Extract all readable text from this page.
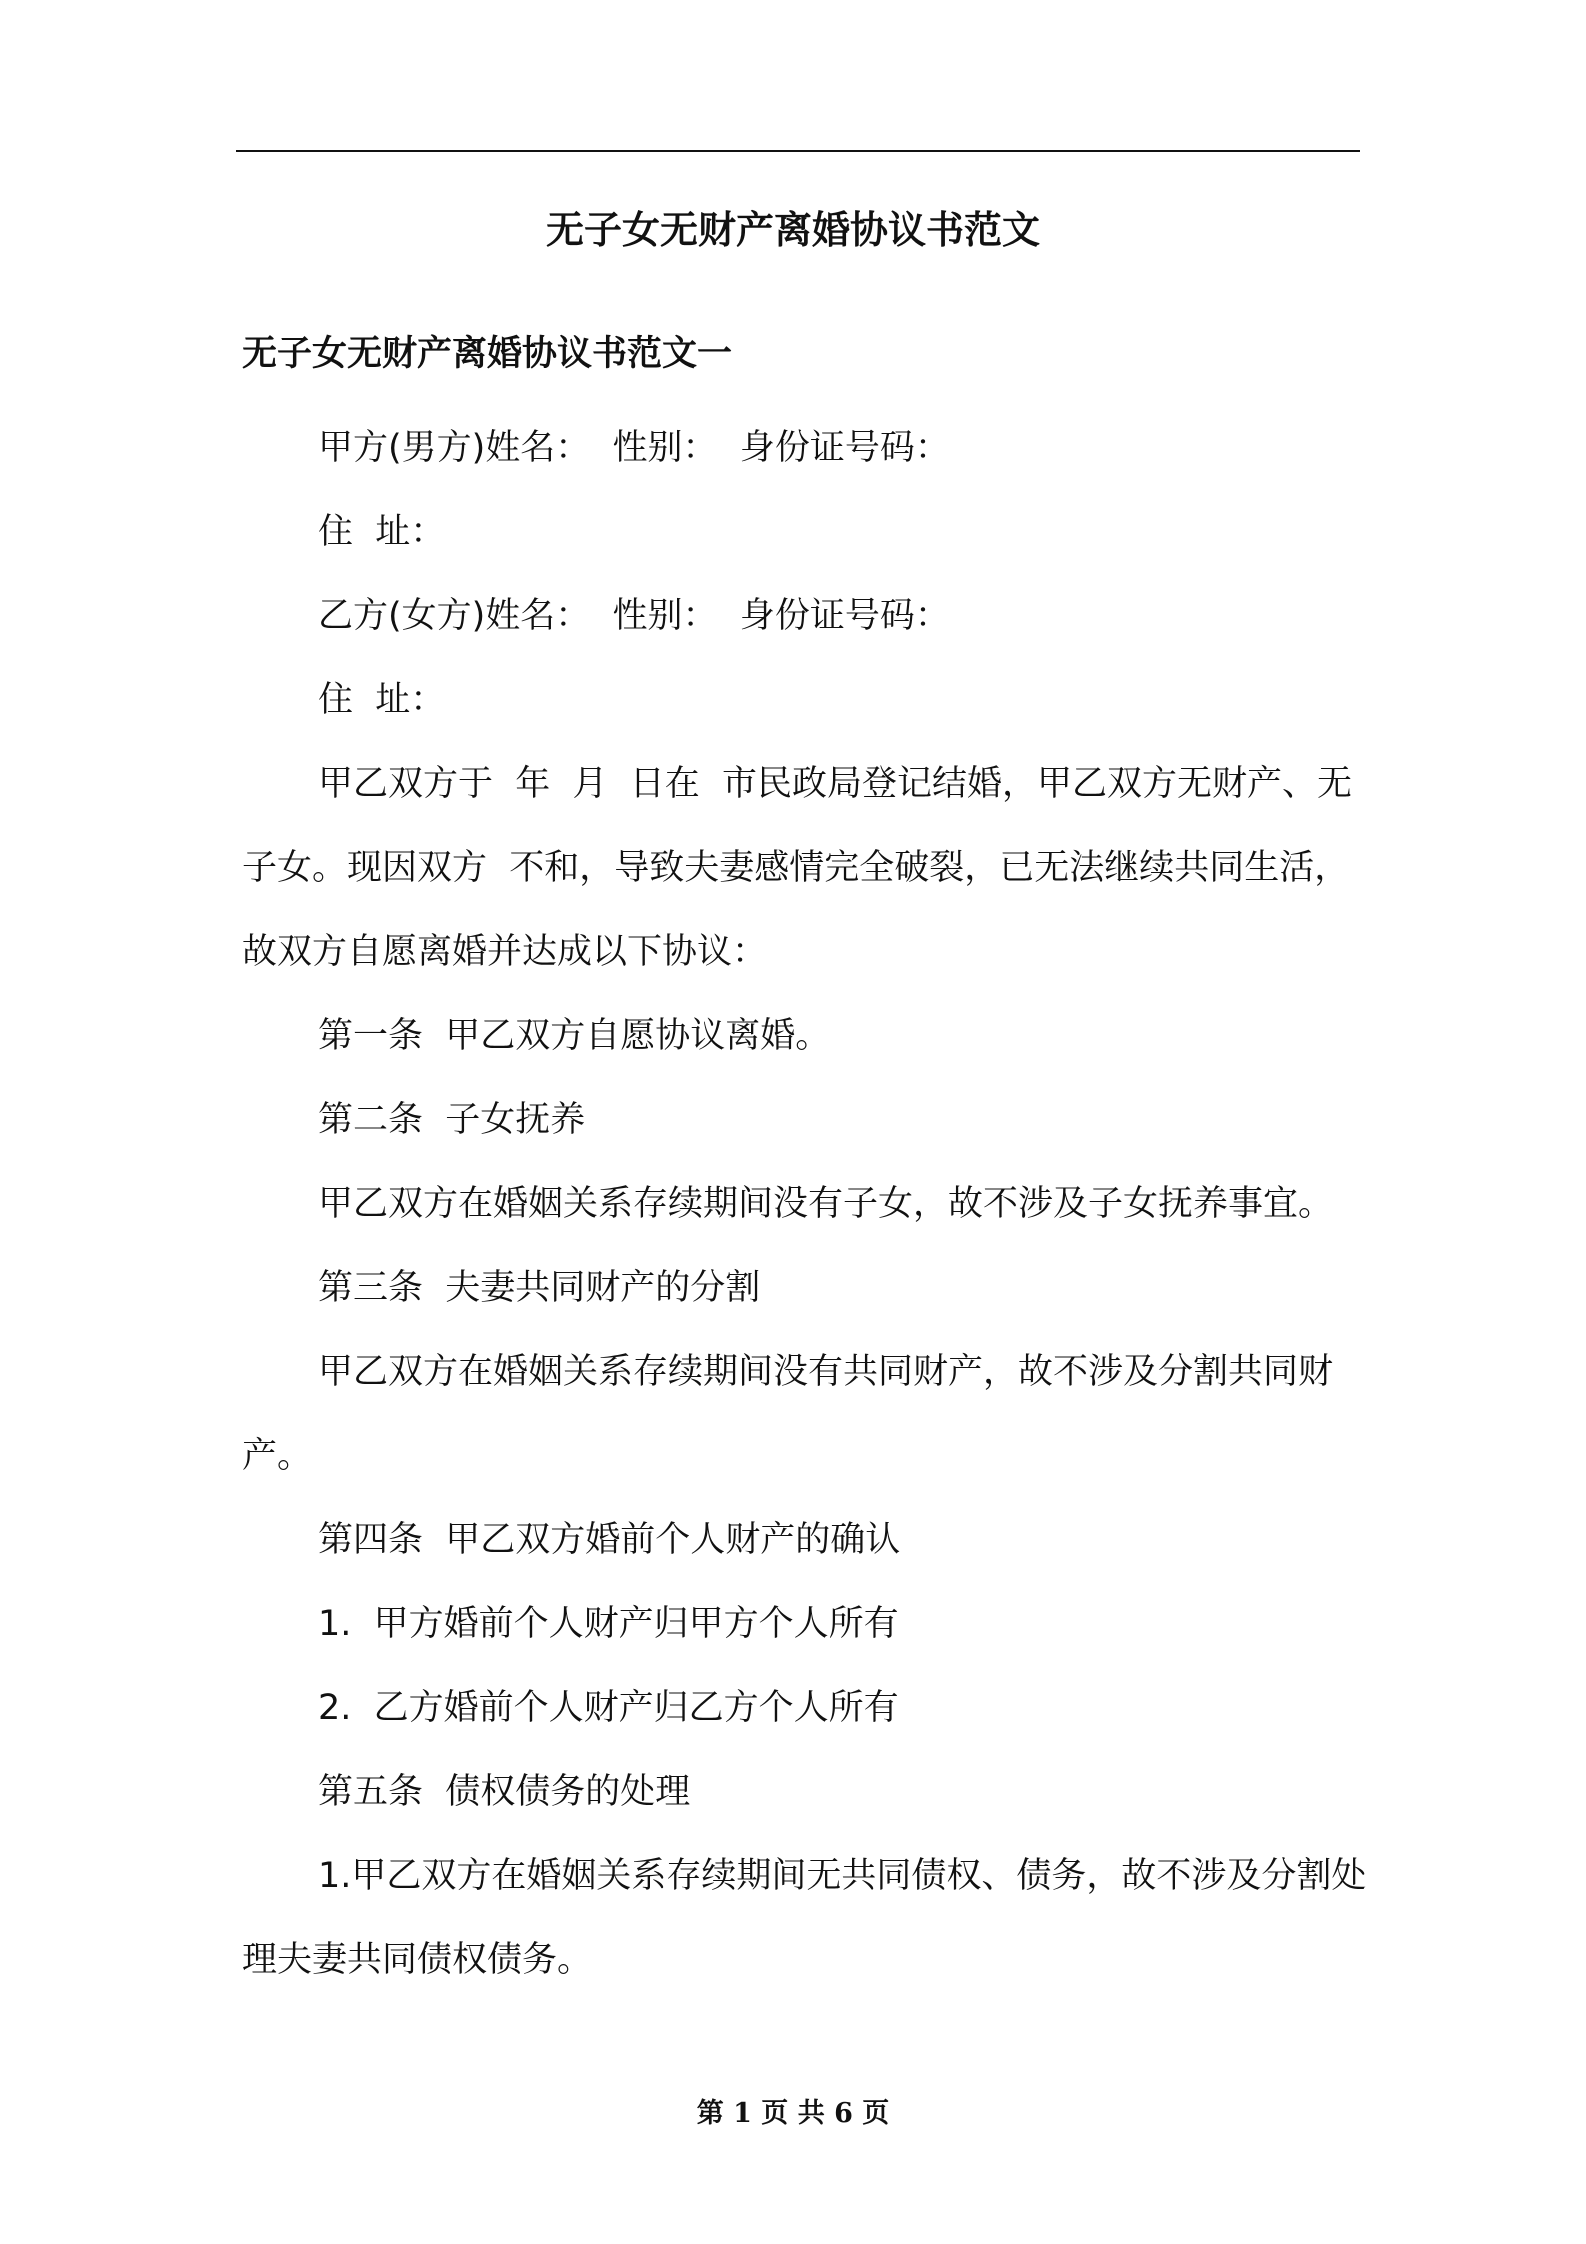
无子女无财产离婚协议书范文
无子女无财产离婚协议书范文一

甲方(男方)姓名：  性别：  身份证号码：

住  址：

乙方(女方)姓名：  性别：  身份证号码：

住  址：

甲乙双方于  年  月  日在  市民政局登记结婚，甲乙双方无财产、无子女。现因双方  不和，导致夫妻感情完全破裂，已无法继续共同生活，故双方自愿离婚并达成以下协议：

第一条  甲乙双方自愿协议离婚。

第二条  子女抚养

甲乙双方在婚姻关系存续期间没有子女，故不涉及子女抚养事宜。

第三条  夫妻共同财产的分割

甲乙双方在婚姻关系存续期间没有共同财产，故不涉及分割共同财产。

第四条  甲乙双方婚前个人财产的确认

1.  甲方婚前个人财产归甲方个人所有

2.  乙方婚前个人财产归乙方个人所有

第五条  债权债务的处理

1.甲乙双方在婚姻关系存续期间无共同债权、债务，故不涉及分割处理夫妻共同债权债务。

第 1 页 共 6 页
